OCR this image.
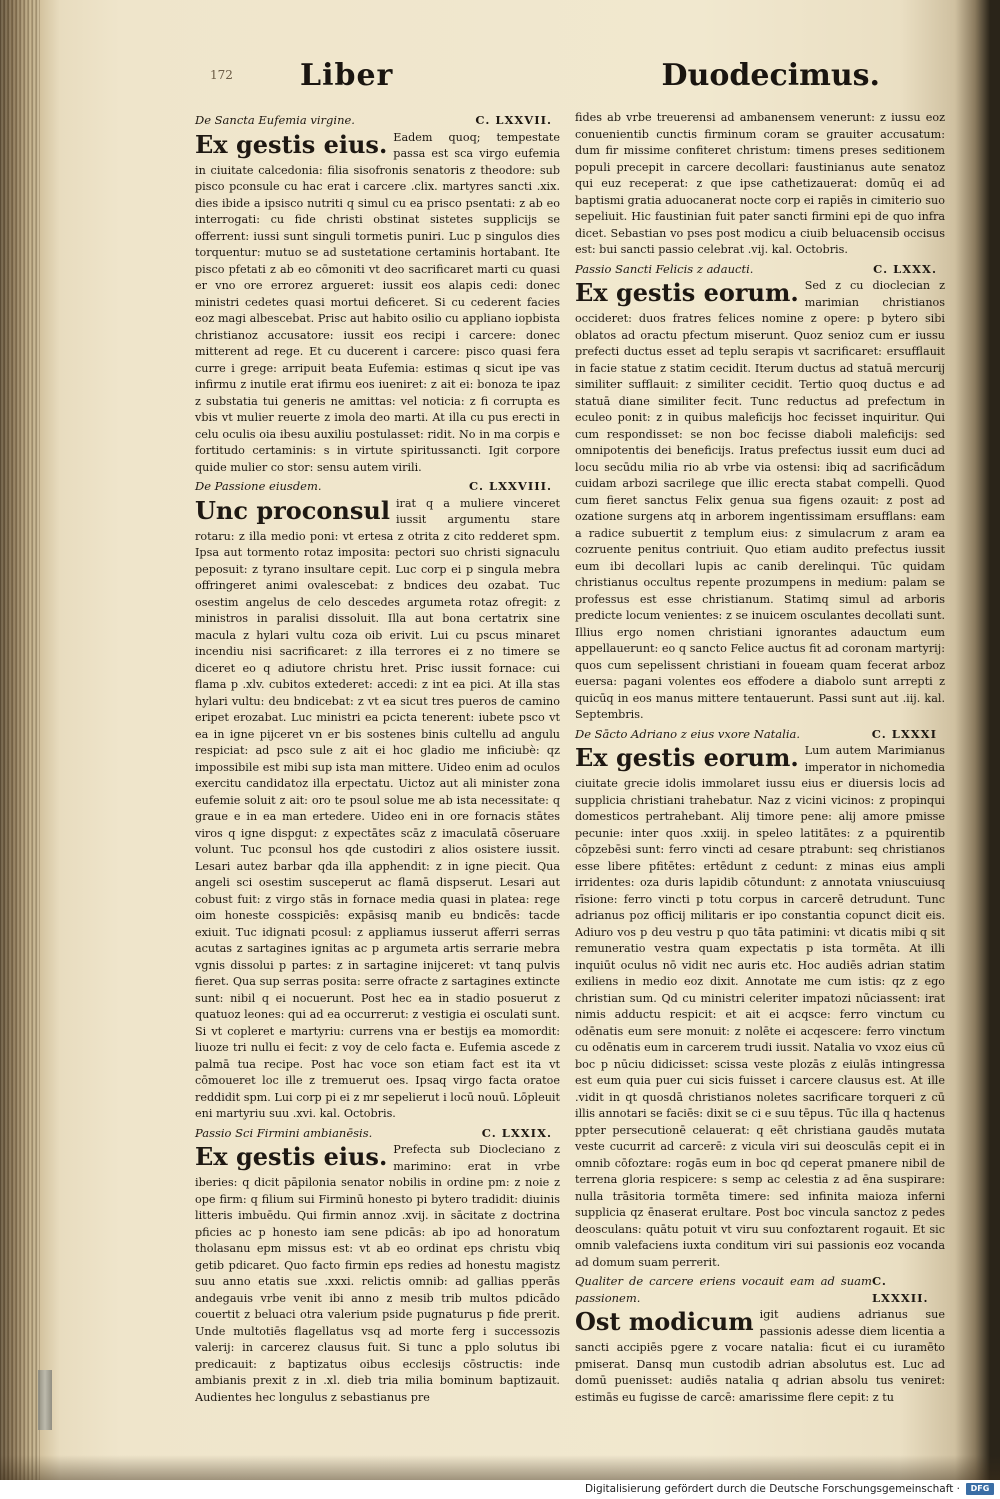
172 Liber	Duodecimus.
De Sancta Eufemia virgine.	C. LXXVII.

Ex gestis eius. Eadem quoq; tempestate passa est sca virgo eufemia in ciuitate calcedonia: filia sisofronis senatoris z theodore: sub pisco pconsule cu hac erat i carcere .clix. martyres sancti .xix. dies ibide a ipsisco nutriti q simul cu ea prisco psentati: z ab eo interrogati: cu fide christi obstinat sistetes supplicijs se offerrent: iussi sunt singuli tormetis puniri. Luc p singulos dies torquentur: mutuo se ad sustetatione certaminis hortabant. Ite pisco pfetati z ab eo cōmoniti vt deo sacrificaret marti cu quasi er vno ore errorez argueret: iussit eos alapis cedi: donec ministri cedetes quasi mortui deficeret. Si cu cederent facies eoz magi albescebat. Prisc aut habito osilio cu appliano iopbista christianoz accusatore: iussit eos recipi i carcere: donec mitterent ad rege. Et cu ducerent i carcere: pisco quasi fera curre i grege: arripuit beata Eufemia: estimas q sicut ipe vas infirmu z inutile erat ifirmu eos iueniret: z ait ei: bonoza te ipaz z substatia tui generis ne amittas: vel noticia: z fi corrupta es vbis vt mulier reuerte z imola deo marti. At illa cu pus erecti in celu oculis oia ibesu auxiliu postulasset: ridit. No in ma corpis e fortitudo certaminis: s in virtute spiritussancti. Igit corpore quide mulier co stor: sensu autem virili.

De Passione eiusdem.	C. LXXVIII.

Unc proconsul irat q a muliere vinceret iussit argumentu stare rotaru: z illa medio poni: vt ertesa z otrita z cito redderet spm. Ipsa aut tormento rotaz imposita: pectori suo christi signaculu peposuit: z tyrano insultare cepit. Luc corp ei p singula mebra offringeret animi ovalescebat: z bndices deu ozabat. Tuc osestim angelus de celo descedes argumeta rotaz ofregit: z ministros in paralisi dissoluit. Illa aut bona certatrix sine macula z hylari vultu coza oib erivit. Lui cu pscus minaret incendiu nisi sacrificaret: z illa terrores ei z no timere se diceret eo q adiutore christu hret. Prisc iussit fornace: cui flama p .xlv. cubitos extederet: accedi: z int ea pici. At illa stas hylari vultu: deu bndicebat: z vt ea sicut tres pueros de camino eripet erozabat. Luc ministri ea pcicta tenerent: iubete psco vt ea in igne pijceret vn er bis sostenes binis cultellu ad angulu respiciat: ad psco sule z ait ei hoc gladio me inficiubè: qz impossibile est mibi sup ista man mittere. Uideo enim ad oculos exercitu candidatoz illa erpectatu. Uictoz aut ali minister zona eufemie soluit z ait: oro te psoul solue me ab ista necessitate: q graue e in ea man ertedere. Uideo eni in ore fornacis stātes viros q igne dispgut: z expectātes scāz z imaculatā cōseruare volunt. Tuc pconsul hos qde custodiri z alios osistere iussit. Lesari autez barbar qda illa apphendit: z in igne piecit. Qua angeli sci osestim susceperut ac flamā dispserut. Lesari aut cobust fuit: z virgo stās in fornace media quasi in platea: rege oim honeste cosspiciēs: expāsisq manib eu bndicēs: tacde exiuit. Tuc idignati pcosul: z appliamus iusserut afferri serras acutas z sartagines ignitas ac p argumeta artis serrarie mebra vgnis dissolui p partes: z in sartagine inijceret: vt tanq pulvis fieret. Qua sup serras posita: serre ofracte z sartagines extincte sunt: nibil q ei nocuerunt. Post hec ea in stadio posuerut z quatuoz leones: qui ad ea occurrerut: z vestigia ei osculati sunt. Si vt copleret e martyriu: currens vna er bestijs ea momordit: liuoze tri nullu ei fecit: z voy de celo facta e. Eufemia ascede z palmā tua recipe. Post hac voce son etiam fact est ita vt cōmoueret loc ille z tremuerut oes. Ipsaq virgo facta oratoe reddidit spm. Lui corp pi ei z mr sepelierut i locū nouū. Lōpleuit eni martyriu suu .xvi. kal. Octobris.

Passio Sci Firmini ambianēsis.	C. LXXIX.

Ex gestis eius. Prefecta sub Diocleciano z marimino: erat in vrbe iberies: q dicit pāpilonia senator nobilis in ordine pm: z noie z ope firm: q filium sui Firminū honesto pi bytero tradidit: diuinis litteris imbuēdu. Qui firmin annoz .xvij. in sācitate z doctrina pficies ac p honesto iam sene pdicās: ab ipo ad honoratum tholasanu epm missus est: vt ab eo ordinat eps christu vbiq getib pdicaret. Quo facto firmin eps redies ad honestu magistz suu anno etatis sue .xxxi. relictis omnib: ad gallias pperās andegauis vrbe venit ibi anno z mesib trib multos pdicādo couertit z beluaci otra valerium pside pugnaturus p fide prerit. Unde multotiēs flagellatus vsq ad morte ferg i successozis valerij: in carcerez clausus fuit. Si tunc a pplo solutus ibi predicauit: z baptizatus oibus ecclesijs cōstructis: inde ambianis prexit z in .xl. dieb tria milia bominum baptizauit. Audientes hec longulus z sebastianus pre

fides ab vrbe treuerensi ad ambanensem venerunt: z iussu eoz conuenientib cunctis firminum coram se grauiter accusatum: dum fir missime confiteret christum: timens preses seditionem populi precepit in carcere decollari: faustinianus aute senatoz qui euz receperat: z que ipse cathetizauerat: domūq ei ad baptismi gratia aduocanerat nocte corp ei rapiēs in cimiterio suo sepeliuit. Hic faustinian fuit pater sancti firmini epi de quo infra dicet. Sebastian vo pses post modicu a ciuib beluacensib occisus est: bui sancti passio celebrat .vij. kal. Octobris.

Passio Sancti Felicis z adaucti.	C. LXXX.

Ex gestis eorum. Sed z cu dioclecian z marimian christianos occideret: duos fratres felices nomine z opere: p bytero sibi oblatos ad oractu pfectum miserunt. Quoz senioz cum er iussu prefecti ductus esset ad teplu serapis vt sacrificaret: ersufflauit in facie statue z statim cecidit. Iterum ductus ad statuā mercurij similiter sufflauit: z similiter cecidit. Tertio quoq ductus e ad statuā diane similiter fecit. Tunc reductus ad prefectum in eculeo ponit: z in quibus maleficijs hoc fecisset inquiritur. Qui cum respondisset: se non boc fecisse diaboli maleficijs: sed omnipotentis dei beneficijs. Iratus prefectus iussit eum duci ad locu secūdu milia rio ab vrbe via ostensi: ibiq ad sacrificādum cuidam arbozi sacrilege que illic erecta stabat compelli. Quod cum fieret sanctus Felix genua sua figens ozauit: z post ad ozatione surgens atq in arborem ingentissimam ersufflans: eam a radice subuertit z templum eius: z simulacrum z aram ea cozruente penitus contriuit. Quo etiam audito prefectus iussit eum ibi decollari lupis ac canib derelinqui. Tūc quidam christianus occultus repente prozumpens in medium: palam se professus est esse christianum. Statimq simul ad arboris predicte locum venientes: z se inuicem osculantes decollati sunt. Illius ergo nomen christiani ignorantes adauctum eum appellauerunt: eo q sancto Felice auctus fit ad coronam martyrij: quos cum sepelissent christiani in foueam quam fecerat arboz euersa: pagani volentes eos effodere a diabolo sunt arrepti z quicūq in eos manus mittere tentauerunt. Passi sunt aut .iij. kal. Septembris.

De Sācto Adriano z eius vxore Natalia.	C. LXXXI

Ex gestis eorum. Lum autem Marimianus imperator in nichomedia ciuitate grecie idolis immolaret iussu eius er diuersis locis ad supplicia christiani trahebatur. Naz z vicini vicinos: z propinqui domesticos pertrahebant. Alij timore pene: alij amore pmisse pecunie: inter quos .xxiij. in speleo latitātes: z a pquirentib cōpzebēsi sunt: ferro vincti ad cesare ptrabunt: seq christianos esse libere pfitētes: ertēdunt z cedunt: z minas eius ampli irridentes: oza duris lapidib cōtundunt: z annotata vniuscuiusq rīsione: ferro vincti p totu corpus in carcerē detrudunt. Tunc adrianus poz officij militaris er ipo constantia copunct dicit eis. Adiuro vos p deu vestru p quo tāta patimini: vt dicatis mibi q sit remuneratio vestra quam expectatis p ista tormēta. At illi inquiūt oculus nō vidit nec auris etc. Hoc audiēs adrian statim exiliens in medio eoz dixit. Annotate me cum istis: qz z ego christian sum. Qd cu ministri celeriter impatozi nūciassent: irat nimis adductu respicit: et ait ei acqsce: ferro vinctum cu odēnatis eum sere monuit: z nolēte ei acqescere: ferro vinctum cu odēnatis eum in carcerem trudi iussit. Natalia vo vxoz eius cū boc p nūciu didicisset: scissa veste plozās z eiulās intingressa est eum quia puer cui sicis fuisset i carcere clausus est. At ille .vidit in qt quosdā christianos noletes sacrificare torqueri z cū illis annotari se faciēs: dixit se ci e suu tēpus. Tūc illa q hactenus ppter persecutionē celauerat: q eēt christiana gaudēs mutata veste cucurrit ad carcerē: z vicula viri sui deosculās cepit ei in omnib cōfoztare: rogās eum in boc qd ceperat pmanere nibil de terrena gloria respicere: s semp ac celestia z ad ēna suspirare: nulla trāsitoria tormēta timere: sed infinita maioza inferni supplicia qz ēnaserat erultare. Post boc vincula sanctoz z pedes deosculans: quātu potuit vt viru suu confoztarent rogauit. Et sic omnib valefaciens iuxta conditum viri sui passionis eoz vocanda ad domum suam perrerit.

Qualiter de carcere eriens vocauit eam ad suam passionem.
C. LXXXII.

Ost modicum igit audiens adrianus sue passionis adesse diem licentia a sancti accipiēs pgere z vocare natalia: ficut ei cu iuramēto pmiserat. Dansq mun custodib adrian absolutus est. Luc ad domū puenisset: audiēs natalia q adrian absolu tus veniret: estimās eu fugisse de carcē: amarissime flere cepit: z tu

Digitalisierung gefördert durch die Deutsche Forschungsgemeinschaft ·	DFG
